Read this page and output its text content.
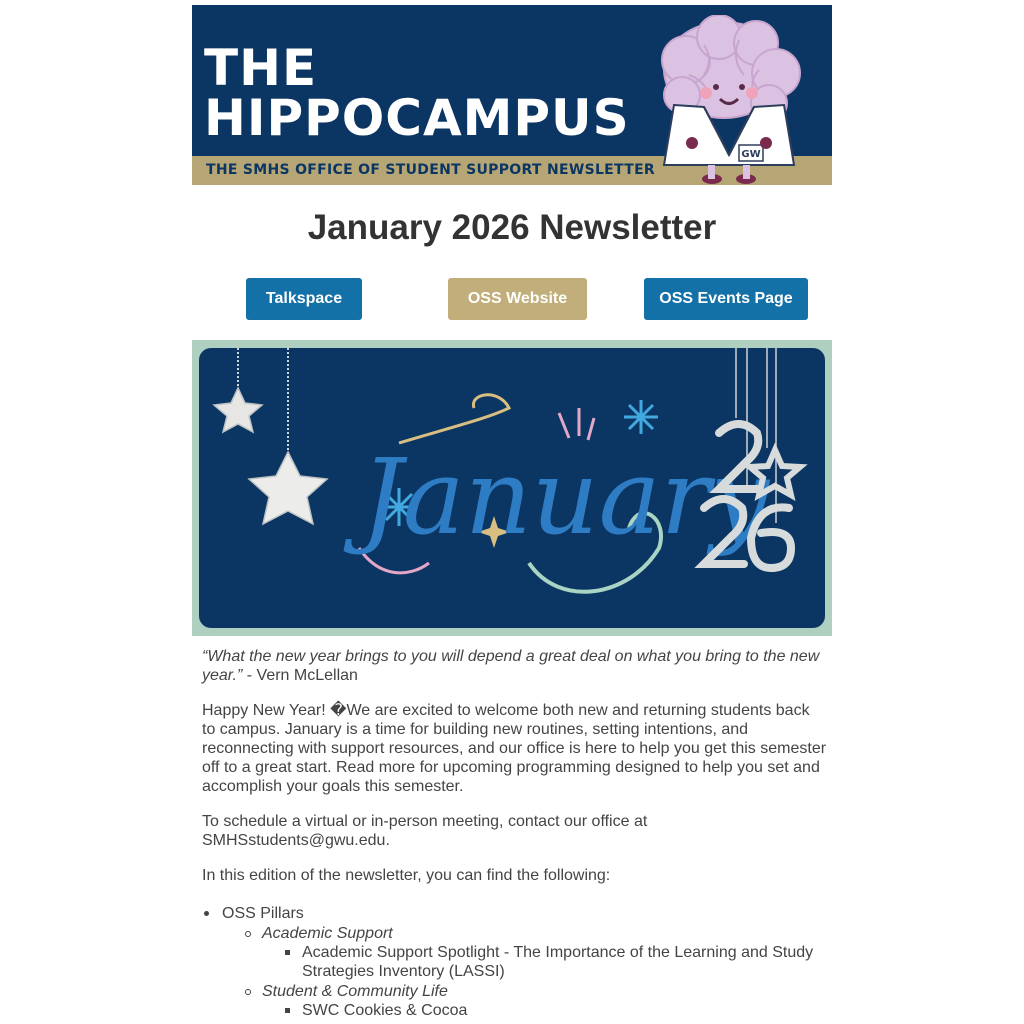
THE
HIPPOCAMPUS
THE SMHS OFFICE OF STUDENT SUPPORT NEWSLETTER
GW
January 2026 Newsletter
Talkspace	OSS Website	OSS Events Page
January

“What the new year brings to you will depend a great deal on what you bring to the new year.” - Vern McLellan

Happy New Year! �We are excited to welcome both new and returning students back to campus. January is a time for building new routines, setting intentions, and reconnecting with support resources, and our office is here to help you get this semester off to a great start. Read more for upcoming programming designed to help you set and accomplish your goals this semester.

To schedule a virtual or in-person meeting, contact our office at SMHSstudents@gwu.edu.

In this edition of the newsletter, you can find the following:

OSS Pillars
Academic Support
Academic Support Spotlight - The Importance of the Learning and Study Strategies Inventory (LASSI)
Student & Community Life
SWC Cookies & Cocoa
